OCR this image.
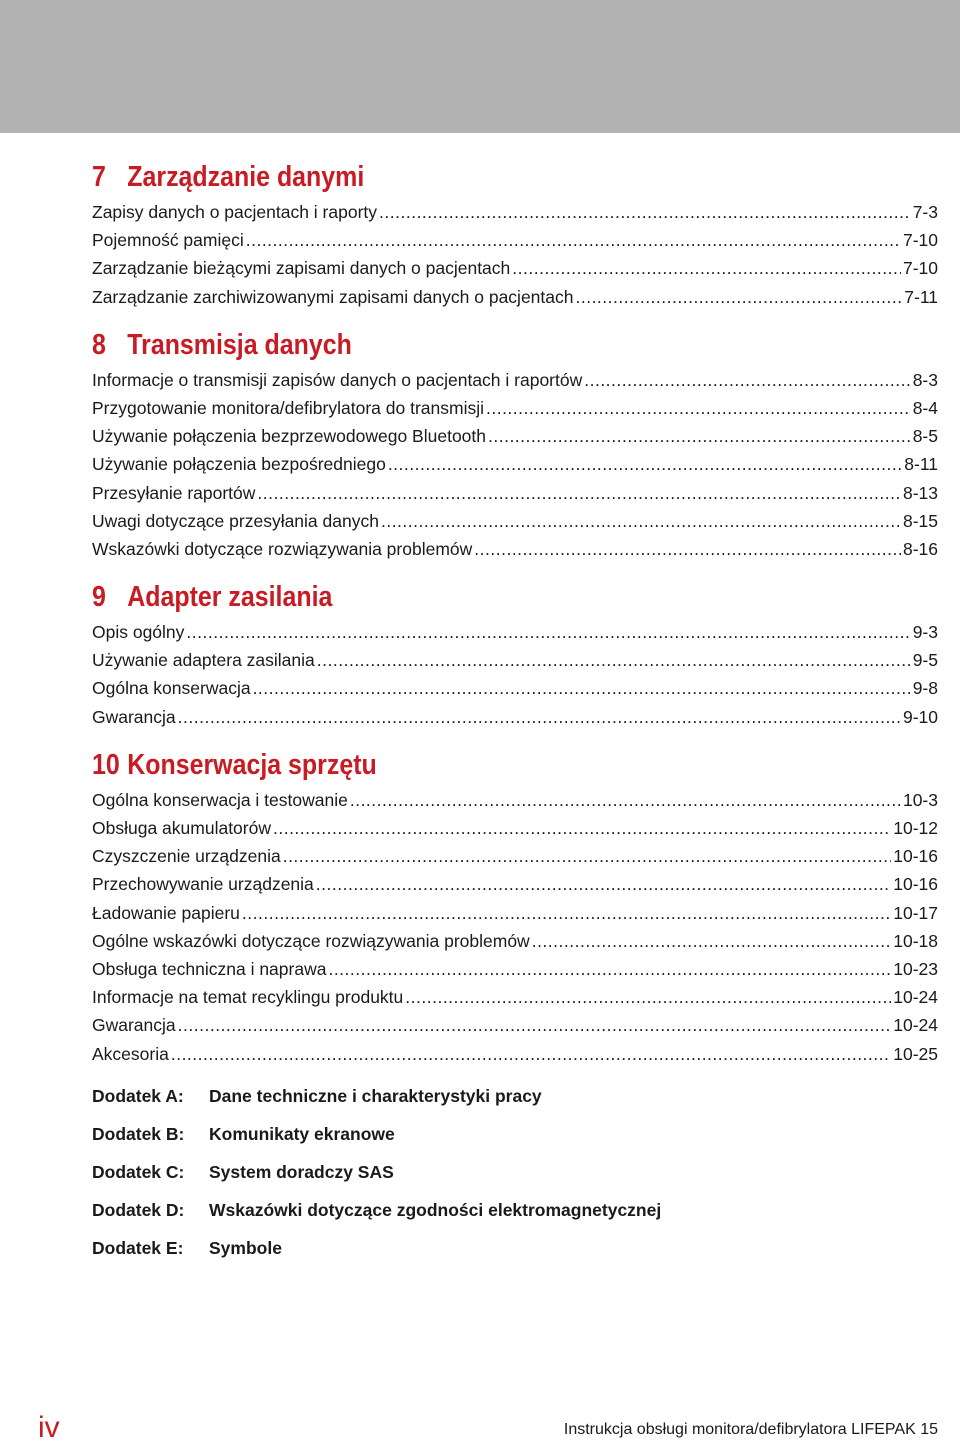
7 Zarządzanie danymi
Zapisy danych o pacjentach i raporty .....	7-3
Pojemność pamięci .....	7-10
Zarządzanie bieżącymi zapisami danych o pacjentach .....	7-10
Zarządzanie zarchiwizowanymi zapisami danych o pacjentach .....	7-11
8 Transmisja danych
Informacje o transmisji zapisów danych o pacjentach i raportów .....	8-3
Przygotowanie monitora/defibrylatora do transmisji .....	8-4
Używanie połączenia bezprzewodowego Bluetooth .....	8-5
Używanie połączenia bezpośredniego .....	8-11
Przesyłanie raportów .....	8-13
Uwagi dotyczące przesyłania danych .....	8-15
Wskazówki dotyczące rozwiązywania problemów .....	8-16
9 Adapter zasilania
Opis ogólny .....	9-3
Używanie adaptera zasilania .....	9-5
Ogólna konserwacja .....	9-8
Gwarancja .....	9-10
10 Konserwacja sprzętu
Ogólna konserwacja i testowanie .....	10-3
Obsługa akumulatorów .....	10-12
Czyszczenie urządzenia .....	10-16
Przechowywanie urządzenia .....	10-16
Ładowanie papieru .....	10-17
Ogólne wskazówki dotyczące rozwiązywania problemów .....	10-18
Obsługa techniczna i naprawa .....	10-23
Informacje na temat recyklingu produktu .....	10-24
Gwarancja .....	10-24
Akcesoria .....	10-25
Dodatek A:	Dane techniczne i charakterystyki pracy
Dodatek B:	Komunikaty ekranowe
Dodatek C:	System doradczy SAS
Dodatek D:	Wskazówki dotyczące zgodności elektromagnetycznej
Dodatek E:	Symbole
iv	Instrukcja obsługi monitora/defibrylatora LIFEPAK 15
